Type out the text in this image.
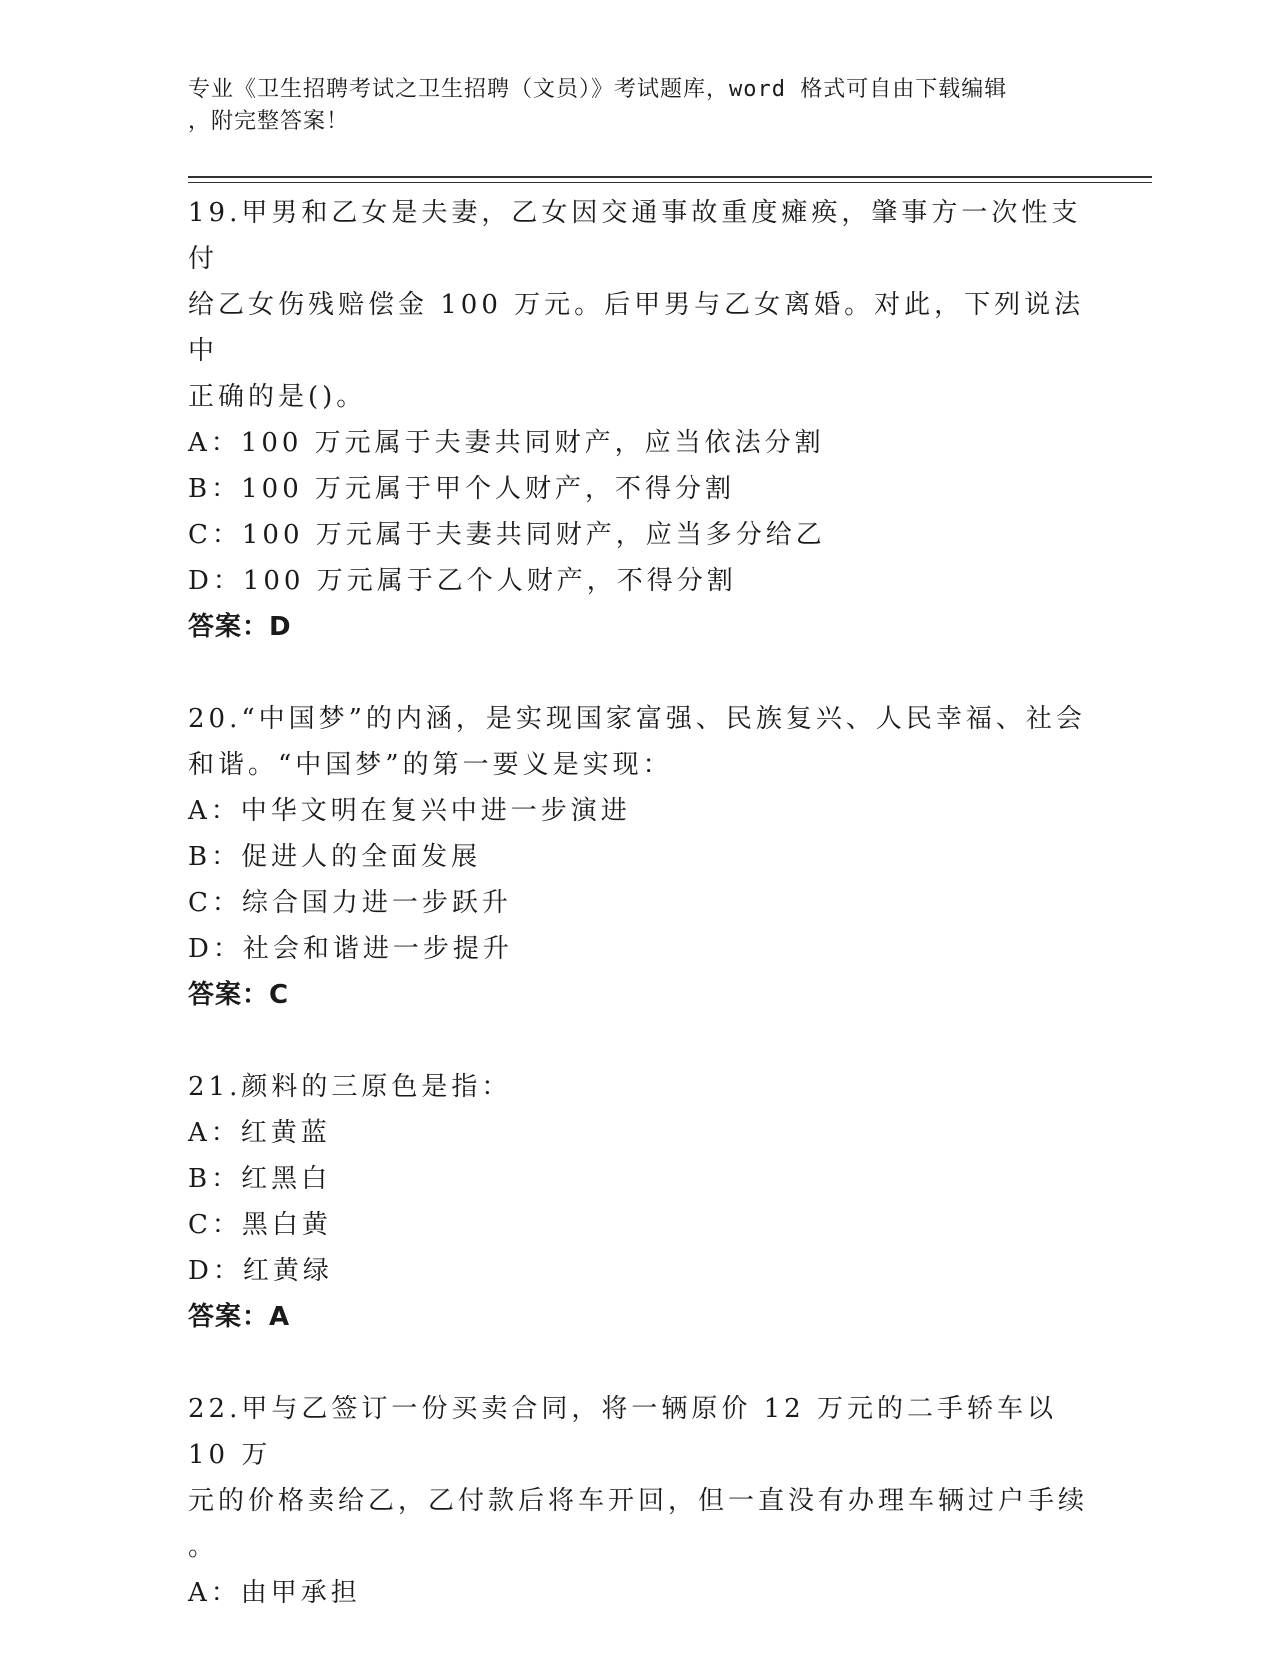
专业《卫生招聘考试之卫生招聘（文员）》考试题库，word 格式可自由下载编辑
，附完整答案！
19.甲男和乙女是夫妻，乙女因交通事故重度瘫痪，肇事方一次性支付
给乙女伤残赔偿金 100 万元。后甲男与乙女离婚。对此，下列说法中
正确的是()。
A：100 万元属于夫妻共同财产，应当依法分割
B：100 万元属于甲个人财产，不得分割
C：100 万元属于夫妻共同财产，应当多分给乙
D：100 万元属于乙个人财产，不得分割
答案：D
20.“中国梦”的内涵，是实现国家富强、民族复兴、人民幸福、社会
和谐。“中国梦”的第一要义是实现：
A：中华文明在复兴中进一步演进
B：促进人的全面发展
C：综合国力进一步跃升
D：社会和谐进一步提升
答案：C
21.颜料的三原色是指：
A：红黄蓝
B：红黑白
C：黑白黄
D：红黄绿
答案：A
22.甲与乙签订一份买卖合同，将一辆原价 12 万元的二手轿车以 10 万
元的价格卖给乙，乙付款后将车开回，但一直没有办理车辆过户手续
。
A：由甲承担
